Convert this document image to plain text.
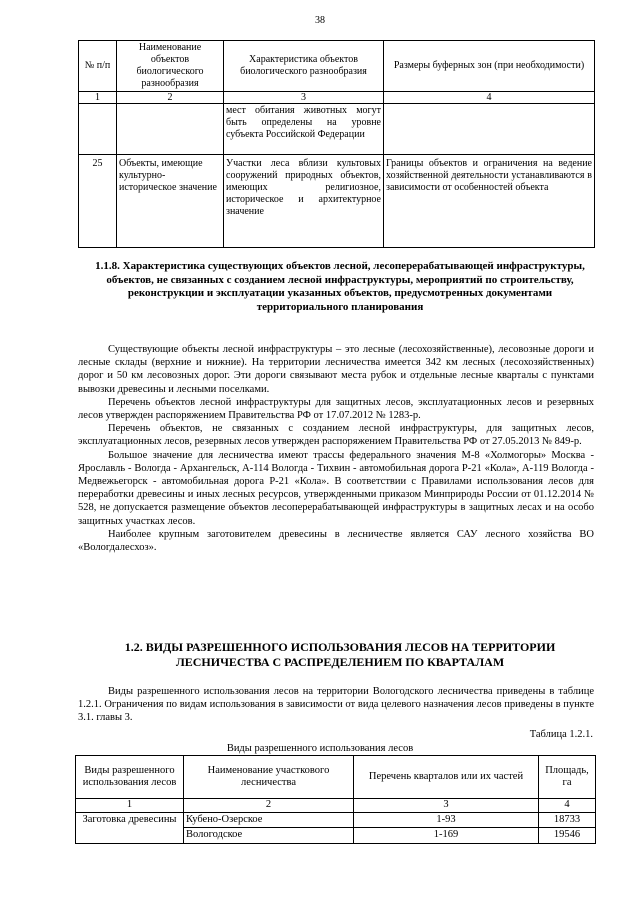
38
№ п/п	Наименование объектов биологического разнообразия	Характеристика объектов биологического разнообразия	Размеры буферных зон (при необходимости)
1	2	3	4
		мест обитания животных могут быть определены на уровне субъекта Российской Федерации	
25	Объекты, имеющие культурно-историческое значение	Участки леса вблизи культовых сооружений природных объектов, имеющих религиозное, историческое и архитектурное значение	Границы объектов и ограничения на ведение хозяйственной деятельности устанавливаются в зависимости от особенностей объекта
1.1.8. Характеристика существующих объектов лесной, лесоперерабатывающей инфраструктуры, объектов, не связанных с созданием лесной инфраструктуры, мероприятий по строительству, реконструкции и эксплуатации указанных объектов, предусмотренных документами территориального планирования

Существующие объекты лесной инфраструктуры – это лесные (лесохозяйственные), лесовозные дороги и лесные склады (верхние и нижние). На территории лесничества имеется 342 км лесных (лесохозяйственных) дорог и 50 км лесовозных дорог. Эти дороги связывают места рубок и отдельные лесные кварталы с пунктами вывозки древесины и лесными поселками.

Перечень объектов лесной инфраструктуры для защитных лесов, эксплуатационных лесов и резервных лесов утвержден распоряжением Правительства РФ от 17.07.2012 № 1283-р.

Перечень объектов, не связанных с созданием лесной инфраструктуры, для защитных лесов, эксплуатационных лесов, резервных лесов утвержден распоряжением Правительства РФ от 27.05.2013 № 849-р.

Большое значение для лесничества имеют трассы федерального значения М-8 «Холмогоры» Москва - Ярославль - Вологда - Архангельск, А-114 Вологда - Тихвин - автомобильная дорога Р-21 «Кола», А-119 Вологда - Медвежьегорск - автомобильная дорога Р-21 «Кола». В соответствии с Правилами использования лесов для переработки древесины и иных лесных ресурсов, утвержденными приказом Минприроды России от 01.12.2014 № 528, не допускается размещение объектов лесоперерабатывающей инфраструктуры в защитных лесах и на особо защитных участках лесов.

Наиболее крупным заготовителем древесины в лесничестве является САУ лесного хозяйства ВО «Вологдалесхоз».

1.2. ВИДЫ РАЗРЕШЕННОГО ИСПОЛЬЗОВАНИЯ ЛЕСОВ НА ТЕРРИТОРИИ ЛЕСНИЧЕСТВА С РАСПРЕДЕЛЕНИЕМ ПО КВАРТАЛАМ

Виды разрешенного использования лесов на территории Вологодского лесничества приведены в таблице 1.2.1. Ограничения по видам использования в зависимости от вида целевого назначения лесов приведены в пункте 3.1. главы 3.

Таблица 1.2.1.
Виды разрешенного использования лесов
Виды разрешенного использования лесов	Наименование участкового лесничества	Перечень кварталов или их частей	Площадь, га
1	2	3	4
Заготовка древесины	Кубено-Озерское	1-93	18733
	Вологодское	1-169	19546
